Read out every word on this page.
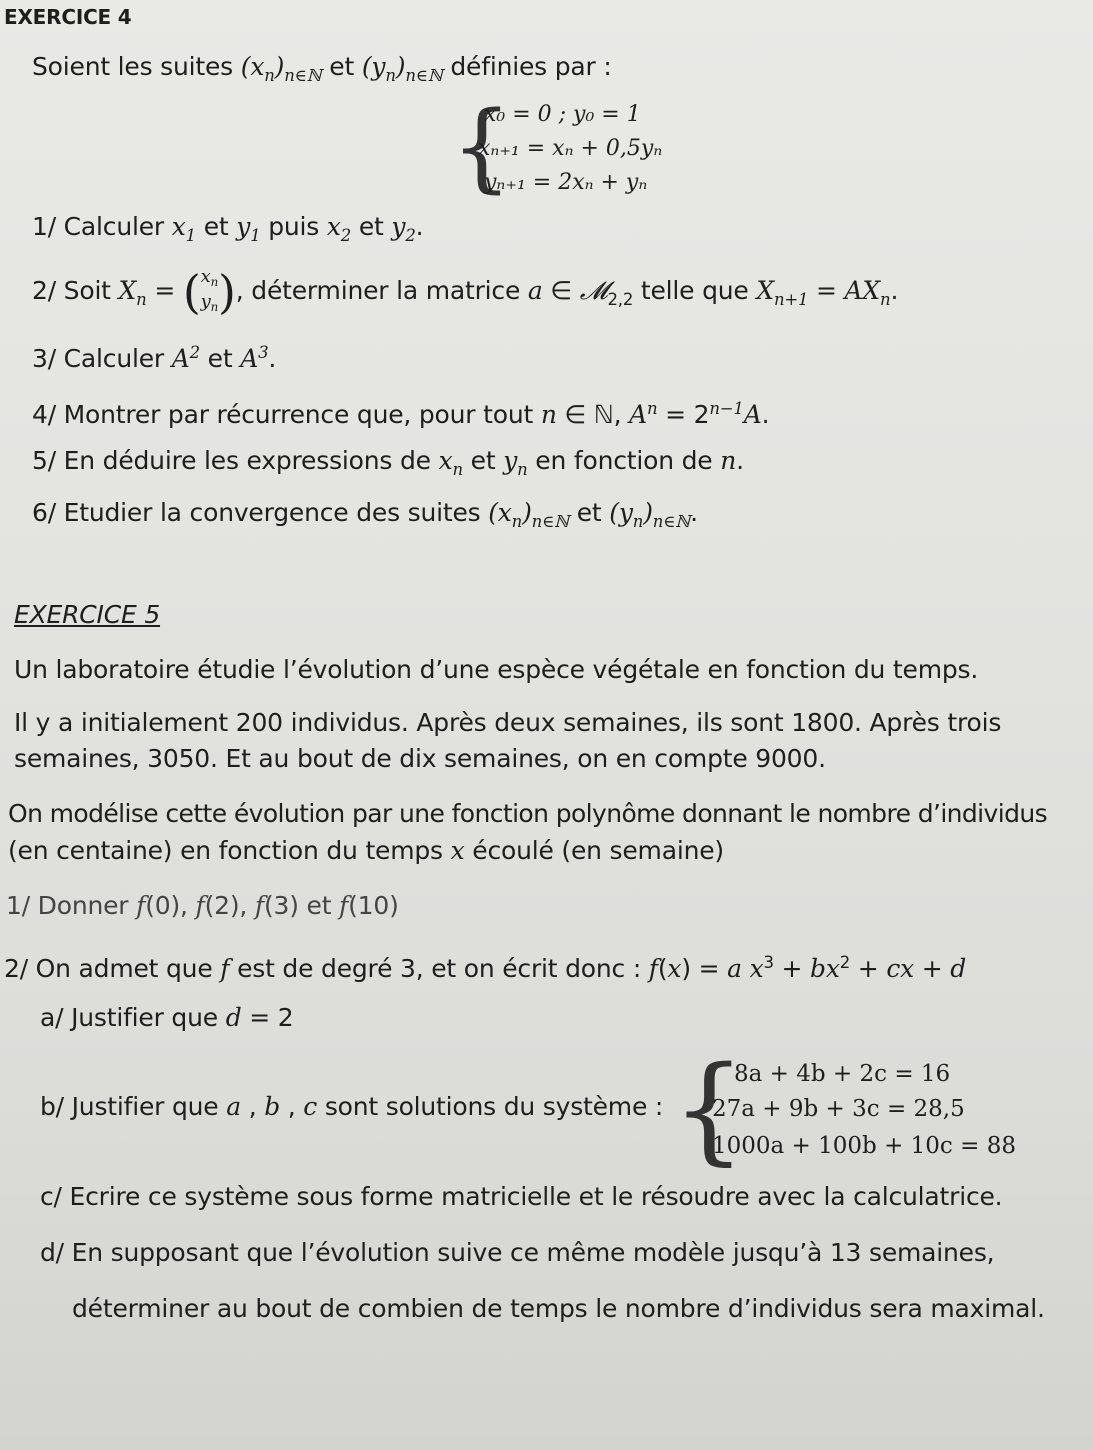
EXERCICE 4
Soient les suites $(x_n)_{n\in ℕ}$ et $(y_n)_{n\in ℕ}$ définies par :
{
x₀ = 0 ; y₀ = 1
xₙ₊₁ = xₙ + 0,5yₙ
yₙ₊₁ = 2xₙ + yₙ
1/ Calculer $x_1$ et $y_1$ puis $x_2$ et $y_2$.
2/ Soit $X_n = (x_n$
$y_n$), déterminer la matrice a ∈ 𝓜$_{2,2}$ telle que $X_{n+1} = AX_n$.
3/ Calculer $A^2$ et $A^3$.
4/ Montrer par récurrence que, pour tout n ∈ ℕ, $A^n = 2^{n-1}A$.
5/ En déduire les expressions de $x_n$ et $y_n$ en fonction de n.
6/ Etudier la convergence des suites $(x_n)_{n\in ℕ}$ et $(y_n)_{n\in ℕ}$.
EXERCICE 5
Un laboratoire étudie l’évolution d’une espèce végétale en fonction du temps.
Il y a initialement 200 individus. Après deux semaines, ils sont 1800. Après trois
semaines, 3050. Et au bout de dix semaines, on en compte 9000.
On modélise cette évolution par une fonction polynôme donnant le nombre d’individus
(en centaine) en fonction du temps x écoulé (en semaine)
1/ Donner f(0), f(2), f(3) et f(10)
2/ On admet que f est de degré 3, et on écrit donc : f(x) = a $x^3 + bx^2$ + cx + d
a/ Justifier que d = 2
b/ Justifier que a , b , c sont solutions du système : {
8a + 4b + 2c = 16
27a + 9b + 3c = 28,5
1000a + 100b + 10c = 88
c/ Ecrire ce système sous forme matricielle et le résoudre avec la calculatrice.
d/ En supposant que l’évolution suive ce même modèle jusqu’à 13 semaines,
déterminer au bout de combien de temps le nombre d’individus sera maximal.
